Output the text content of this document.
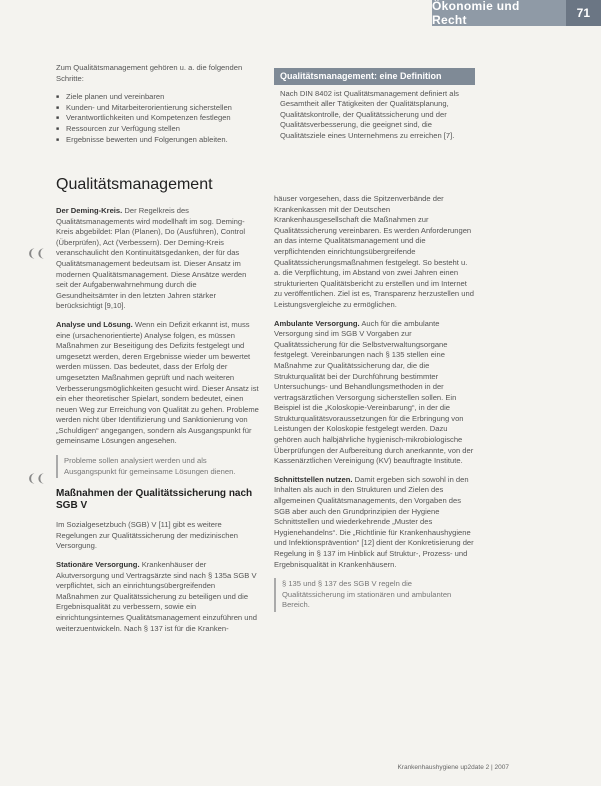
Ökonomie und Recht	71

Zum Qualitätsmanagement gehören u. a. die folgenden Schritte:

■ Ziele planen und vereinbaren
■ Kunden- und Mitarbeiterorientierung sicherstellen
■ Verantwortlichkeiten und Kompetenzen festlegen
■ Ressourcen zur Verfügung stellen
■ Ergebnisse bewerten und Folgerungen ableiten.
Qualitätsmanagement: eine Definition
Nach DIN 8402 ist Qualitätsmanagement definiert als Gesamtheit aller Tätigkeiten der Qualitätsplanung, Qualitätskontrolle, der Qualitätssicherung und der Qualitätsverbesserung, die geeignet sind, die Qualitätsziele eines Unternehmens zu erreichen [7].
Qualitätsmanagement
❨❨
❨❨

Der Deming-Kreis. Der Regelkreis des Qualitätsmanagements wird modellhaft im sog. Deming-Kreis abgebildet: Plan (Planen), Do (Ausführen), Control (Überprüfen), Act (Verbessern). Der Deming-Kreis veranschaulicht den Kontinuitätsgedanken, der für das Qualitätsmanagement bedeutsam ist. Dieser Ansatz im modernen Qualitätsmanagement. Diese Ansätze werden seit der Aufgabenwahrnehmung durch die Gesundheitsämter in den letzten Jahren stärker berücksichtigt [9,10].

Analyse und Lösung. Wenn ein Defizit erkannt ist, muss eine (ursachenorientierte) Analyse folgen, es müssen Maßnahmen zur Beseitigung des Defizits festgelegt und umgesetzt werden, deren Ergebnisse wieder um bewertet werden müssen. Das bedeutet, dass der Erfolg der umgesetzten Maßnahmen geprüft und nach weiteren Verbesserungsmöglichkeiten gesucht wird. Dieser Ansatz ist ein eher theoretischer Spielart, sondern bedeutet, einen neuen Weg zur Erreichung von Qualität zu gehen. Probleme werden nicht über Identifizierung und Sanktionierung von „Schuldigen“ angegangen, sondern als Ausgangspunkt für gemeinsame Lösungen angesehen.

Probleme sollen analysiert werden und als Ausgangspunkt für gemeinsame Lösungen dienen.
Maßnahmen der Qualitätssicherung nach SGB V

Im Sozialgesetzbuch (SGB) V [11] gibt es weitere Regelungen zur Qualitätssicherung der medizinischen Versorgung.

Stationäre Versorgung. Krankenhäuser der Akutversorgung und Vertragsärzte sind nach § 135a SGB V verpflichtet, sich an einrichtungsübergreifenden Maßnahmen zur Qualitätssicherung zu beteiligen und die Ergebnisqualität zu verbessern, sowie ein einrichtungsinternes Qualitätsmanagement einzuführen und weiterzuentwickeln. Nach § 137 ist für die Kranken-

häuser vorgesehen, dass die Spitzenverbände der Krankenkassen mit der Deutschen Krankenhausgesellschaft die Maßnahmen zur Qualitätssicherung vereinbaren. Es werden Anforderungen an das interne Qualitätsmanagement und die verpflichtenden einrichtungsübergreifende Qualitätssicherungsmaßnahmen festgelegt. So besteht u. a. die Verpflichtung, im Abstand von zwei Jahren einen strukturierten Qualitätsbericht zu erstellen und im Internet zu veröffentlichen. Ziel ist es, Transparenz herzustellen und Leistungsvergleiche zu ermöglichen.

Ambulante Versorgung. Auch für die ambulante Versorgung sind im SGB V Vorgaben zur Qualitätssicherung für die Selbstverwaltungsorgane festgelegt. Vereinbarungen nach § 135 stellen eine Maßnahme zur Qualitätssicherung dar, die die Strukturqualität bei der Durchführung bestimmter Untersuchungs- und Behandlungsmethoden in der vertragsärztlichen Versorgung sicherstellen sollen. Ein Beispiel ist die „Koloskopie-Vereinbarung“, in der die Strukturqualitätsvoraussetzungen für die Erbringung von Leistungen der Koloskopie festgelegt werden. Dazu gehören auch halbjährliche hygienisch-mikrobiologische Überprüfungen der Aufbereitung durch anerkannte, von der Kassenärztlichen Vereinigung (KV) beauftragte Institute.

Schnittstellen nutzen. Damit ergeben sich sowohl in den Inhalten als auch in den Strukturen und Zielen des allgemeinen Qualitätsmanagements, den Vorgaben des SGB aber auch den Grundprinzipien der Hygiene Schnittstellen und wiederkehrende „Muster des Hygienehandelns“. Die „Richtlinie für Krankenhaushygiene und Infektionsprävention“ [12] dient der Konkretisierung der Regelung in § 137 im Hinblick auf Struktur-, Prozess- und Ergebnisqualität in Krankenhäusern.

§ 135 und § 137 des SGB V regeln die Qualitätssicherung im stationären und ambulanten Bereich.
Krankenhaushygiene up2date 2 | 2007
